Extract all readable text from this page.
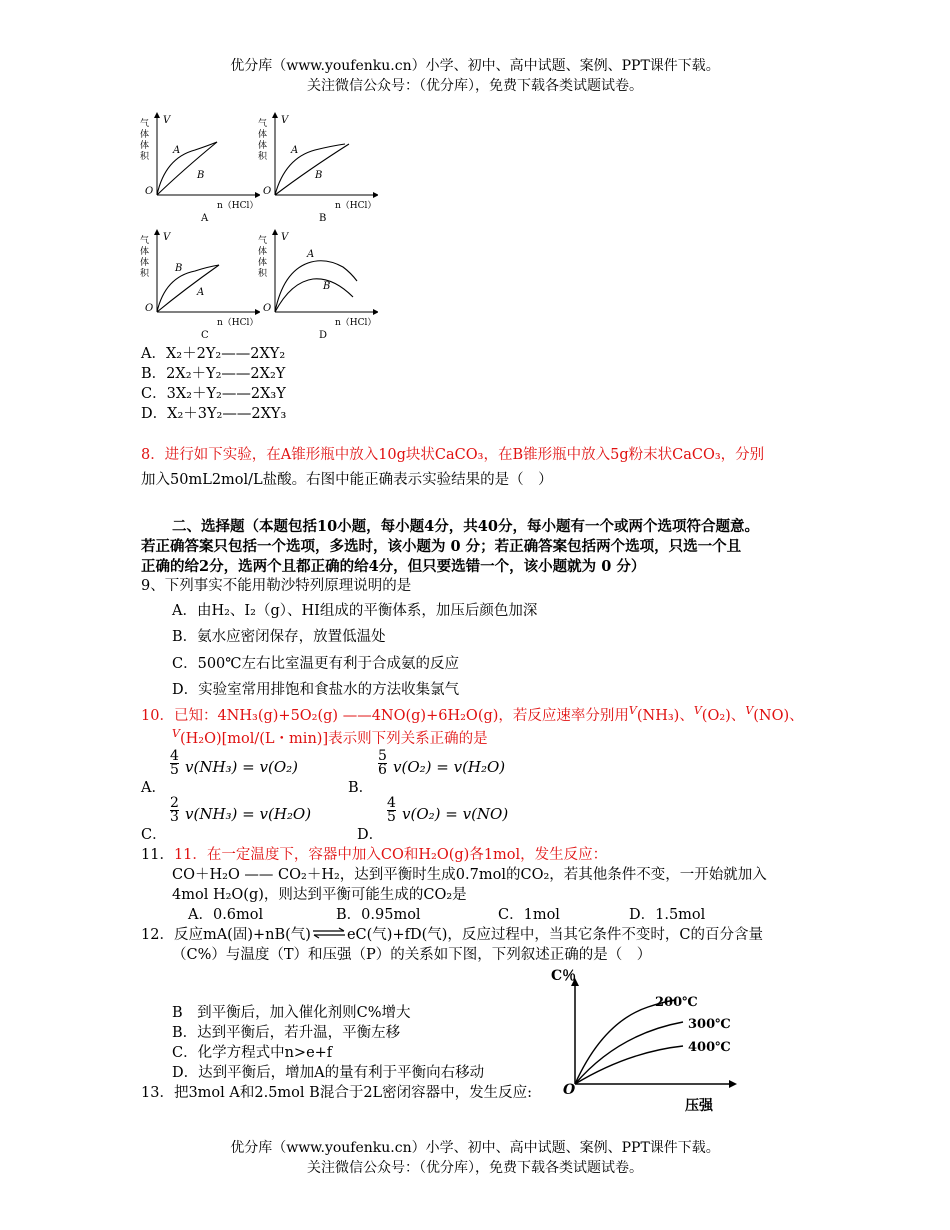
优分库（www.youfenku.cn）小学、初中、高中试题、案例、PPT课件下载。
关注微信公众号：（优分库），免费下载各类试题试卷。
V
气
体
体
积
O
A
B
n（HCl）
A
V
气
体
体
积
O
A
B
n（HCl）
B
V
气
体
体
积
O
B
A
n（HCl）
C
V
气
体
体
积
O
A
B
n（HCl）
D
A．X₂＋2Y₂——2XY₂
B．2X₂＋Y₂——2X₂Y
C．3X₂＋Y₂——2X₃Y
D．X₂＋3Y₂——2XY₃
8．进行如下实验，在A锥形瓶中放入10g块状CaCO₃，在B锥形瓶中放入5g粉末状CaCO₃，分别
加入50mL2mol/L盐酸。右图中能正确表示实验结果的是（　）
二、选择题（本题包括10小题，每小题4分，共40分，每小题有一个或两个选项符合题意。
若正确答案只包括一个选项，多选时，该小题为 0 分；若正确答案包括两个选项，只选一个且
正确的给2分，选两个且都正确的给4分，但只要选错一个，该小题就为 0 分）
9、下列事实不能用勒沙特列原理说明的是
A．由H₂、I₂（g）、HI组成的平衡体系，加压后颜色加深
B．氨水应密闭保存，放置低温处
C．500℃左右比室温更有利于合成氨的反应
D．实验室常用排饱和食盐水的方法收集氯气
10．已知：4NH₃(g)+5O₂(g) ——4NO(g)+6H₂O(g)，若反应速率分别用$^V$(NH₃)、$^V$(O₂)、$^V$(NO)、
$^V$(H₂O)[mol/(L・min)]表示则下列关系正确的是
A．
$\frac{4}{5} v(NH_3) = v(O_2)$
B．
$\frac{5}{6} v(O_2) = v(H_2O)$
C．
$\frac{2}{3} v(NH_3) = v(H_2O)$
D．
$\frac{4}{5} v(O_2) = v(NO)$
11．11．在一定温度下，容器中加入CO和H₂O(g)各1mol，发生反应：
CO＋H₂O —— CO₂＋H₂，达到平衡时生成0.7mol的CO₂，若其他条件不变，一开始就加入
4mol H₂O(g)，则达到平衡可能生成的CO₂是
A．0.6mol	B．0.95mol	C．1mol	D．1.5mol
12．反应mA(固)+nB(气)⇌eC(气)+fD(气)，反应过程中，当其它条件不变时，C的百分含量
（C%）与温度（T）和压强（P）的关系如下图，下列叙述正确的是（　）
C％
O
压强
200℃
300℃
400℃
B　到平衡后，加入催化剂则C%增大
B．达到平衡后，若升温，平衡左移
C．化学方程式中n>e+f
D．达到平衡后，增加A的量有利于平衡向右移动
13．把3mol A和2.5mol B混合于2L密闭容器中，发生反应:
优分库（www.youfenku.cn）小学、初中、高中试题、案例、PPT课件下载。
关注微信公众号：（优分库），免费下载各类试题试卷。
